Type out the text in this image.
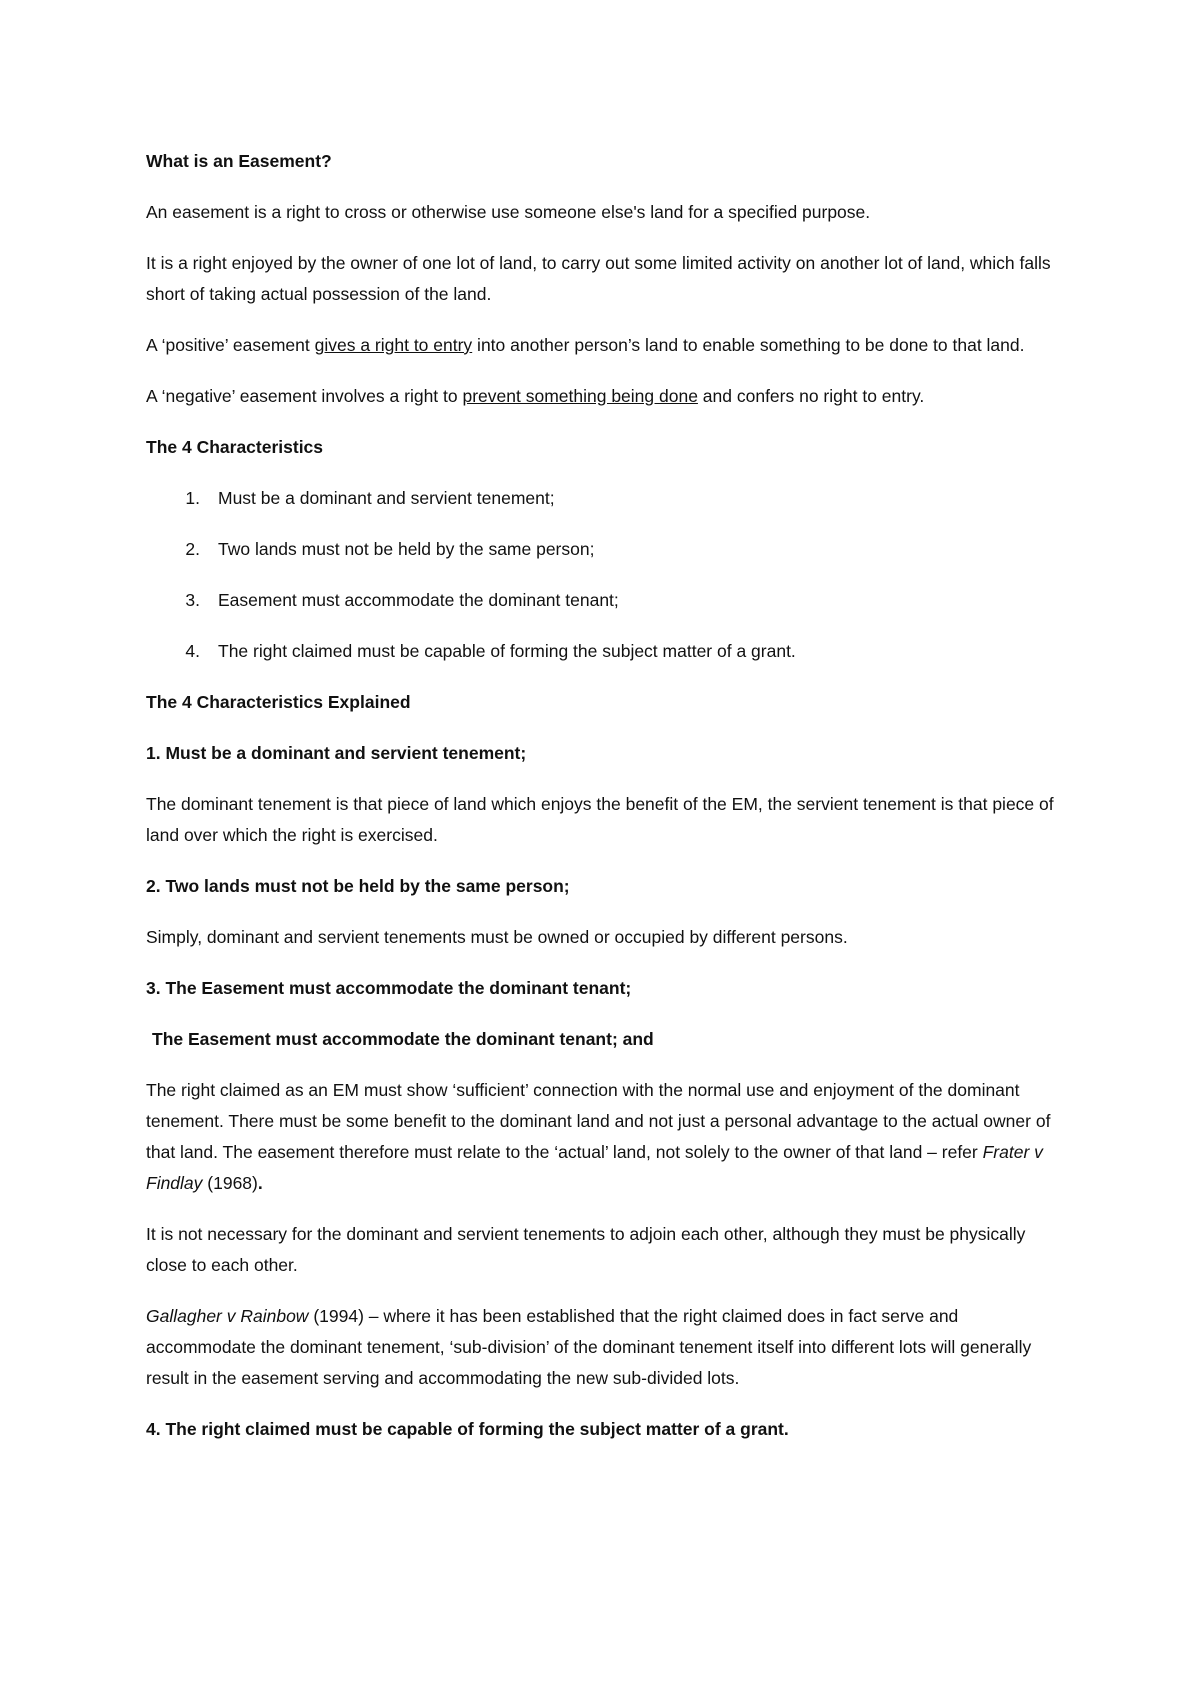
What is an Easement?
An easement is a right to cross or otherwise use someone else's land for a specified purpose.
It is a right enjoyed by the owner of one lot of land, to carry out some limited activity on another lot of land, which falls short of taking actual possession of the land.
A ‘positive’ easement gives a right to entry into another person’s land to enable something to be done to that land.
A ‘negative’ easement involves a right to prevent something being done and confers no right to entry.
The 4 Characteristics
1.	Must be a dominant and servient tenement;
2.	Two lands must not be held by the same person;
3.	Easement must accommodate the dominant tenant;
4.	The right claimed must be capable of forming the subject matter of a grant.
The 4 Characteristics Explained
1. Must be a dominant and servient tenement;
The dominant tenement is that piece of land which enjoys the benefit of the EM, the servient tenement is that piece of land over which the right is exercised.
2. Two lands must not be held by the same person;
Simply, dominant and servient tenements must be owned or occupied by different persons.
3. The Easement must accommodate the dominant tenant;
The Easement must accommodate the dominant tenant; and
The right claimed as an EM must show ‘sufficient’ connection with the normal use and enjoyment of the dominant tenement. There must be some benefit to the dominant land and not just a personal advantage to the actual owner of that land. The easement therefore must relate to the ‘actual’ land, not solely to the owner of that land – refer Frater v Findlay (1968).
It is not necessary for the dominant and servient tenements to adjoin each other, although they must be physically close to each other.
Gallagher v Rainbow (1994) – where it has been established that the right claimed does in fact serve and accommodate the dominant tenement, ‘sub-division’ of the dominant tenement itself into different lots will generally result in the easement serving and accommodating the new sub-divided lots.
4. The right claimed must be capable of forming the subject matter of a grant.
